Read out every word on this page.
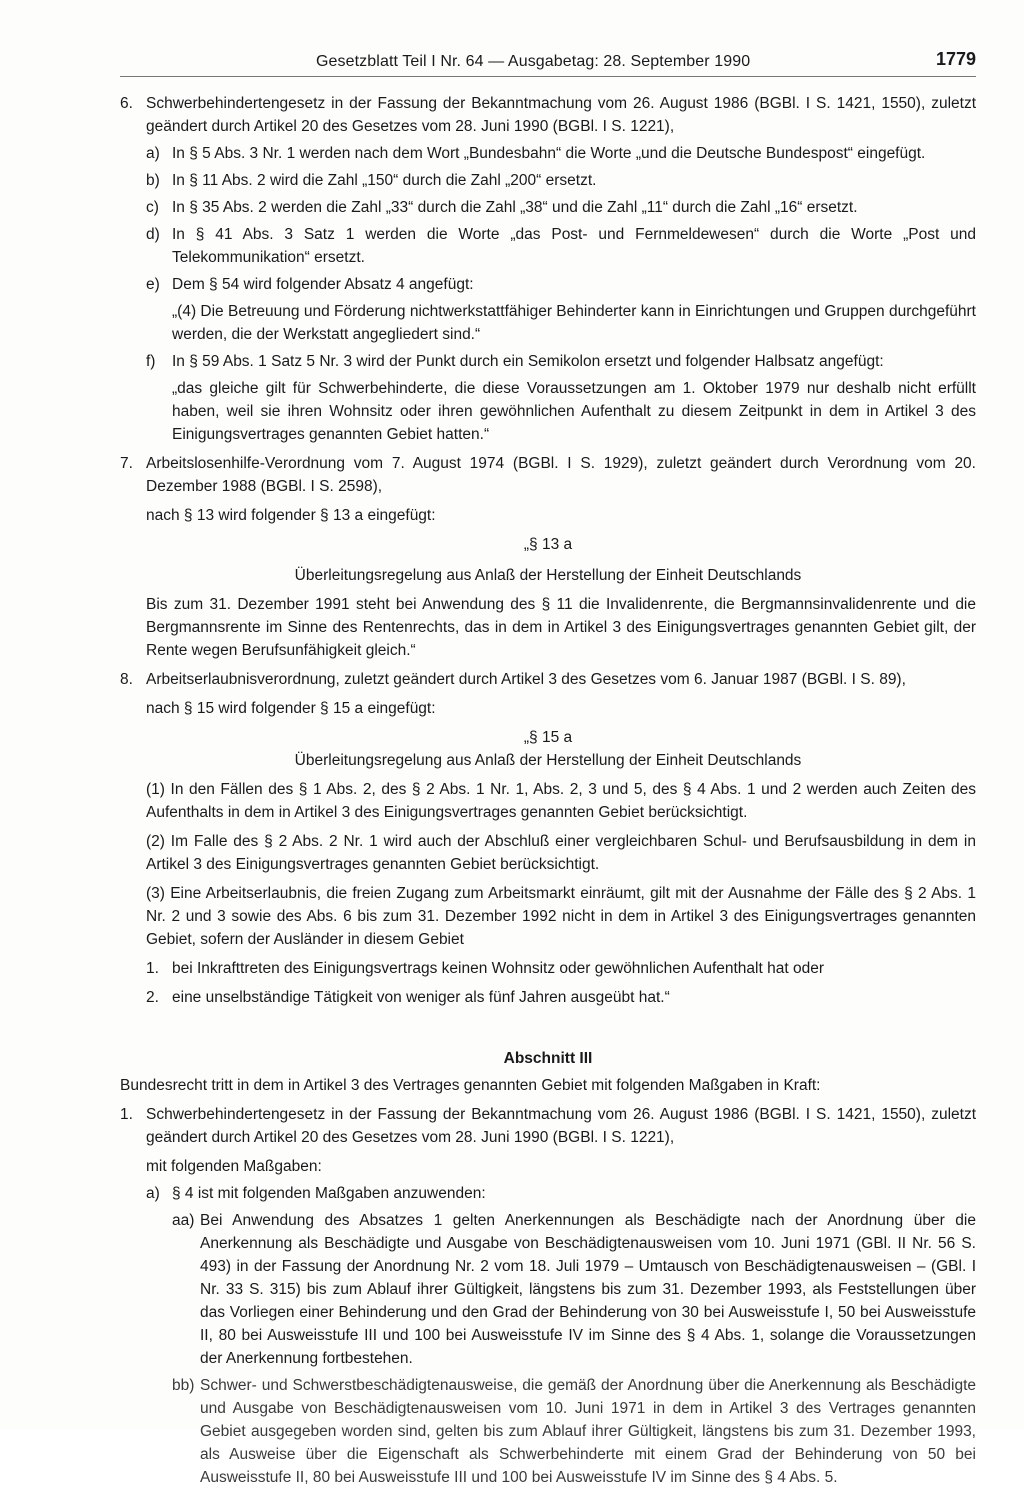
Gesetzblatt Teil I Nr. 64 — Ausgabetag: 28. September 1990	1779
6. Schwerbehindertengesetz in der Fassung der Bekanntmachung vom 26. August 1986 (BGBl. I S. 1421, 1550), zuletzt geändert durch Artikel 20 des Gesetzes vom 28. Juni 1990 (BGBl. I S. 1221),
a) In § 5 Abs. 3 Nr. 1 werden nach dem Wort „Bundesbahn“ die Worte „und die Deutsche Bundespost“ eingefügt.
b) In § 11 Abs. 2 wird die Zahl „150“ durch die Zahl „200“ ersetzt.
c) In § 35 Abs. 2 werden die Zahl „33“ durch die Zahl „38“ und die Zahl „11“ durch die Zahl „16“ ersetzt.
d) In § 41 Abs. 3 Satz 1 werden die Worte „das Post- und Fernmeldewesen“ durch die Worte „Post und Telekommunikation“ ersetzt.
e) Dem § 54 wird folgender Absatz 4 angefügt:
„(4) Die Betreuung und Förderung nichtwerkstattfähiger Behinderter kann in Einrichtungen und Gruppen durchgeführt werden, die der Werkstatt angegliedert sind.“
f) In § 59 Abs. 1 Satz 5 Nr. 3 wird der Punkt durch ein Semikolon ersetzt und folgender Halbsatz angefügt:
„das gleiche gilt für Schwerbehinderte, die diese Voraussetzungen am 1. Oktober 1979 nur deshalb nicht erfüllt haben, weil sie ihren Wohnsitz oder ihren gewöhnlichen Aufenthalt zu diesem Zeitpunkt in dem in Artikel 3 des Einigungsvertrages genannten Gebiet hatten.“
7. Arbeitslosenhilfe-Verordnung vom 7. August 1974 (BGBl. I S. 1929), zuletzt geändert durch Verordnung vom 20. Dezember 1988 (BGBl. I S. 2598),
nach § 13 wird folgender § 13 a eingefügt:
„§ 13 a
Überleitungsregelung aus Anlaß der Herstellung der Einheit Deutschlands
Bis zum 31. Dezember 1991 steht bei Anwendung des § 11 die Invalidenrente, die Bergmannsinvalidenrente und die Bergmannsrente im Sinne des Rentenrechts, das in dem in Artikel 3 des Einigungsvertrages genannten Gebiet gilt, der Rente wegen Berufsunfähigkeit gleich.“
8. Arbeitserlaubnisverordnung, zuletzt geändert durch Artikel 3 des Gesetzes vom 6. Januar 1987 (BGBl. I S. 89),
nach § 15 wird folgender § 15 a eingefügt:
„§ 15 a
Überleitungsregelung aus Anlaß der Herstellung der Einheit Deutschlands
(1) In den Fällen des § 1 Abs. 2, des § 2 Abs. 1 Nr. 1, Abs. 2, 3 und 5, des § 4 Abs. 1 und 2 werden auch Zeiten des Aufenthalts in dem in Artikel 3 des Einigungsvertrages genannten Gebiet berücksichtigt.
(2) Im Falle des § 2 Abs. 2 Nr. 1 wird auch der Abschluß einer vergleichbaren Schul- und Berufsausbildung in dem in Artikel 3 des Einigungsvertrages genannten Gebiet berücksichtigt.
(3) Eine Arbeitserlaubnis, die freien Zugang zum Arbeitsmarkt einräumt, gilt mit der Ausnahme der Fälle des § 2 Abs. 1 Nr. 2 und 3 sowie des Abs. 6 bis zum 31. Dezember 1992 nicht in dem in Artikel 3 des Einigungsvertrages genannten Gebiet, sofern der Ausländer in diesem Gebiet
1. bei Inkrafttreten des Einigungsvertrags keinen Wohnsitz oder gewöhnlichen Aufenthalt hat oder
2. eine unselbständige Tätigkeit von weniger als fünf Jahren ausgeübt hat.“
Abschnitt III
Bundesrecht tritt in dem in Artikel 3 des Vertrages genannten Gebiet mit folgenden Maßgaben in Kraft:
1. Schwerbehindertengesetz in der Fassung der Bekanntmachung vom 26. August 1986 (BGBl. I S. 1421, 1550), zuletzt geändert durch Artikel 20 des Gesetzes vom 28. Juni 1990 (BGBl. I S. 1221),
mit folgenden Maßgaben:
a) § 4 ist mit folgenden Maßgaben anzuwenden:
aa) Bei Anwendung des Absatzes 1 gelten Anerkennungen als Beschädigte nach der Anordnung über die Anerkennung als Beschädigte und Ausgabe von Beschädigtenausweisen vom 10. Juni 1971 (GBl. II Nr. 56 S. 493) in der Fassung der Anordnung Nr. 2 vom 18. Juli 1979 – Umtausch von Beschädigtenausweisen – (GBl. I Nr. 33 S. 315) bis zum Ablauf ihrer Gültigkeit, längstens bis zum 31. Dezember 1993, als Feststellungen über das Vorliegen einer Behinderung und den Grad der Behinderung von 30 bei Ausweisstufe I, 50 bei Ausweisstufe II, 80 bei Ausweisstufe III und 100 bei Ausweisstufe IV im Sinne des § 4 Abs. 1, solange die Voraussetzungen der Anerkennung fortbestehen.
bb) Schwer- und Schwerstbeschädigtenausweise, die gemäß der Anordnung über die Anerkennung als Beschädigte und Ausgabe von Beschädigtenausweisen vom 10. Juni 1971 in dem in Artikel 3 des Vertrages genannten Gebiet ausgegeben worden sind, gelten bis zum Ablauf ihrer Gültigkeit, längstens bis zum 31. Dezember 1993, als Ausweise über die Eigenschaft als Schwerbehinderte mit einem Grad der Behinderung von 50 bei Ausweisstufe II, 80 bei Ausweisstufe III und 100 bei Ausweisstufe IV im Sinne des § 4 Abs. 5.
